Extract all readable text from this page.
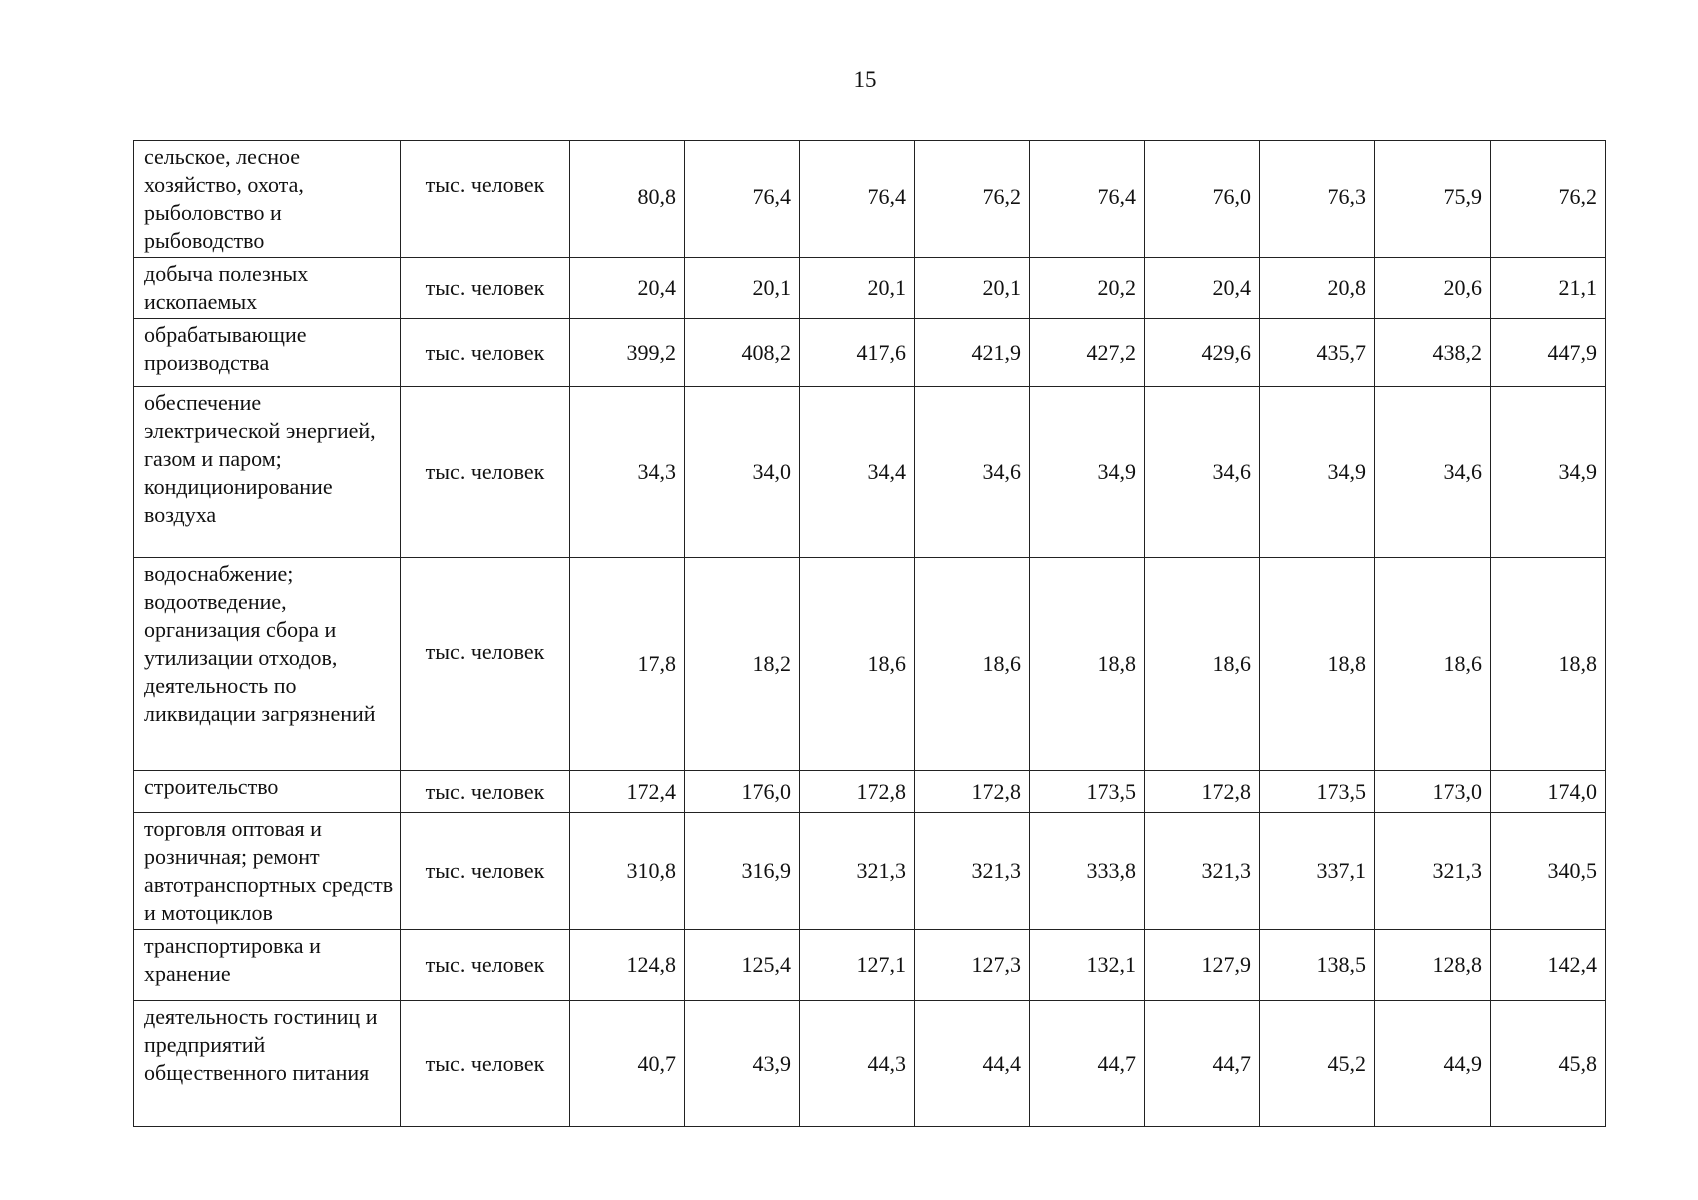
15
сельское, лесное хозяйство, охота, рыболовство и рыбоводство	тыс. человек	80,8	76,4	76,4	76,2	76,4	76,0	76,3	75,9	76,2
добыча полезных ископаемых	тыс. человек	20,4	20,1	20,1	20,1	20,2	20,4	20,8	20,6	21,1
обрабатывающие производства	тыс. человек	399,2	408,2	417,6	421,9	427,2	429,6	435,7	438,2	447,9
обеспечение электрической энергией, газом и паром; кондиционирование воздуха	тыс. человек	34,3	34,0	34,4	34,6	34,9	34,6	34,9	34,6	34,9
водоснабжение; водоотведение, организация сбора и утилизации отходов, деятельность по ликвидации загрязнений	тыс. человек	17,8	18,2	18,6	18,6	18,8	18,6	18,8	18,6	18,8
строительство	тыс. человек	172,4	176,0	172,8	172,8	173,5	172,8	173,5	173,0	174,0
торговля оптовая и розничная; ремонт автотранспортных средств и мотоциклов	тыс. человек	310,8	316,9	321,3	321,3	333,8	321,3	337,1	321,3	340,5
транспортировка и хранение	тыс. человек	124,8	125,4	127,1	127,3	132,1	127,9	138,5	128,8	142,4
деятельность гостиниц и предприятий общественного питания	тыс. человек	40,7	43,9	44,3	44,4	44,7	44,7	45,2	44,9	45,8
